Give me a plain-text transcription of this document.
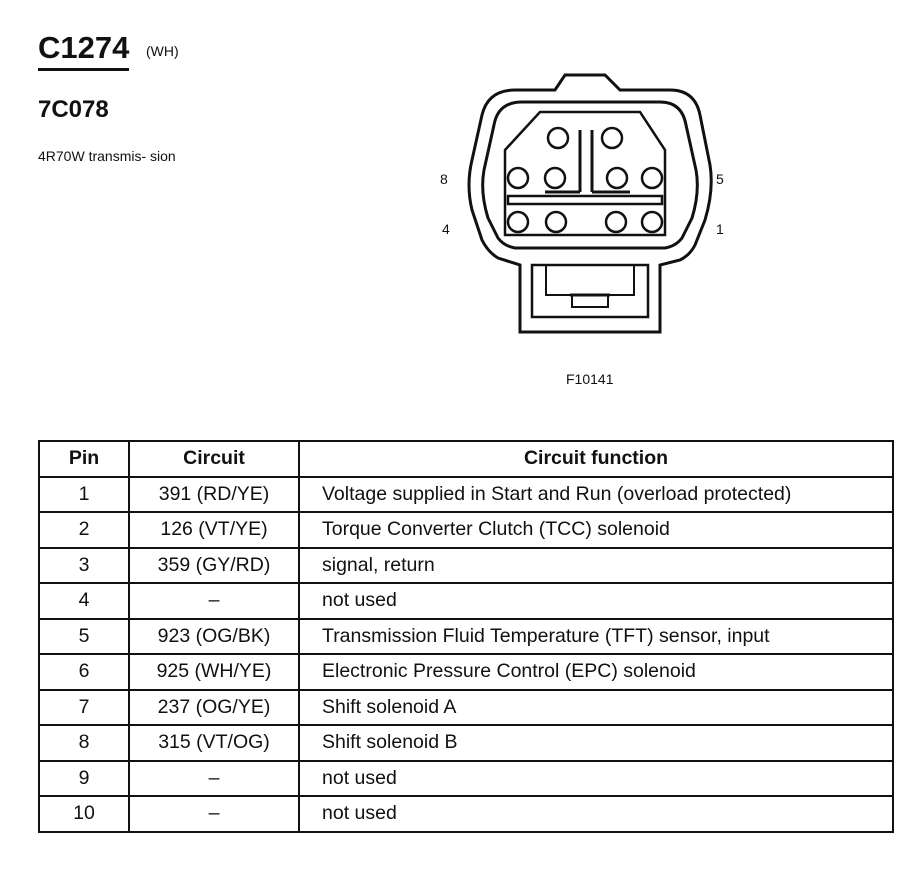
C1274 (WH)
7C078
4R70W transmis- sion
8	5
4	1
F10141
Pin	Circuit	Circuit function
1	391 (RD/YE)	Voltage supplied in Start and Run (overload protected)
2	126 (VT/YE)	Torque Converter Clutch (TCC) solenoid
3	359 (GY/RD)	signal, return
4	–	not used
5	923 (OG/BK)	Transmission Fluid Temperature (TFT) sensor, input
6	925 (WH/YE)	Electronic Pressure Control (EPC) solenoid
7	237 (OG/YE)	Shift solenoid A
8	315 (VT/OG)	Shift solenoid B
9	–	not used
10	–	not used
